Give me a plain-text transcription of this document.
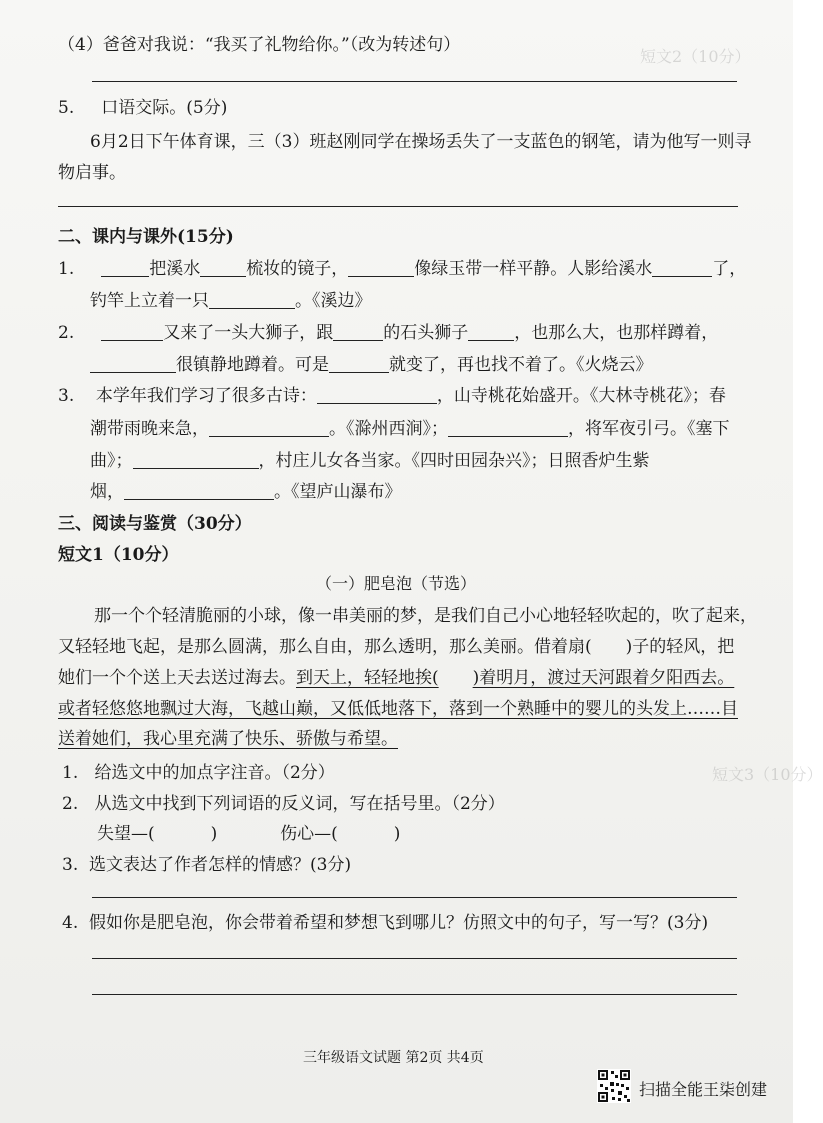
短文2（10分）
短文3（10分）
（4）爸爸对我说：“我买了礼物给你。”（改为转述句）
5. 口语交际。(5分)
6月2日下午体育课，三（3）班赵刚同学在操场丢失了一支蓝色的钢笔，请为他写一则寻
物启事。
二、课内与课外(15分)
1.	把溪水	梳妆的镜子，	像绿玉带一样平静。人影给溪水	了，
钓竿上立着一只	。《溪边》
2.	又来了一头大狮子，跟	的石头狮子	，也那么大，也那样蹲着，
很镇静地蹲着。可是	就变了，再也找不着了。《火烧云》
3. 本学年我们学习了很多古诗：	，山寺桃花始盛开。《大林寺桃花》；春
潮带雨晚来急，	。《滁州西涧》；	，将军夜引弓。《塞下
曲》；	，村庄儿女各当家。《四时田园杂兴》；日照香炉生紫
烟，	。《望庐山瀑布》
三、阅读与鉴赏（30分）
短文1（10分）
（一）肥皂泡（节选）
那一个个轻清脆丽的小球，像一串美丽的梦，是我们自己小心地轻轻吹起的，吹了起来，
又轻轻地飞起，是那么圆满，那么自由，那么透明，那么美丽。借着扇( )子的轻风，把
她们一个个送上天去送过海去。到天上，轻轻地挨( )着明月，渡过天河跟着夕阳西去。
或者轻悠悠地飘过大海，飞越山巅，又低低地落下，落到一个熟睡中的婴儿的头发上……目
送着她们，我心里充满了快乐、骄傲与希望。
1. 给选文中的加点字注音。（2分）
2. 从选文中找到下列词语的反义词，写在括号里。（2分）
失望—(	)	伤心—(	)
3. 选文表达了作者怎样的情感？(3分)
4. 假如你是肥皂泡，你会带着希望和梦想飞到哪儿？仿照文中的句子，写一写？(3分)
三年级语文试题 第2页 共4页
扫描全能王柒创建
